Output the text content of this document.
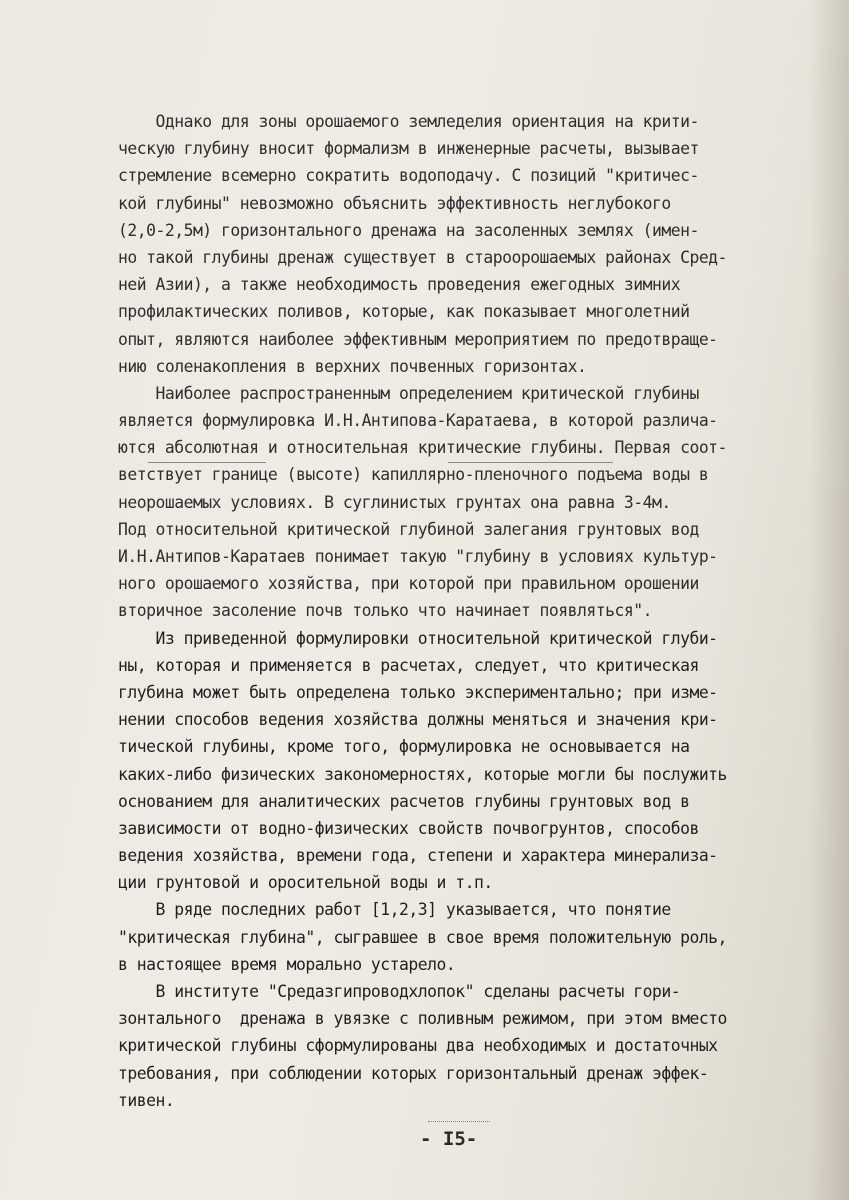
Однако для зоны орошаемого земледелия ориентация на крити-
ческую глубину вносит формализм в инженерные расчеты, вызывает
стремление всемерно сократить водоподачу. С позиций "критичес-
кой глубины" невозможно объяснить эффективность неглубокого
(2,0-2,5м) горизонтального дренажа на засоленных землях (имен-
но такой глубины дренаж существует в староорошаемых районах Сред-
ней Азии), а также необходимость проведения ежегодных зимних
профилактических поливов, которые, как показывает многолетний
опыт, являются наиболее эффективным мероприятием по предотвраще-
нию соленакопления в верхних почвенных горизонтах.
Наиболее распространенным определением критической глубины
является формулировка И.Н.Антипова-Каратаева, в которой различа-
ются абсолютная и относительная критические глубины. Первая соот-
ветствует границе (высоте) капиллярно-пленочного подъема воды в
неорошаемых условиях. В суглинистых грунтах она равна 3-4м.
Под относительной критической глубиной залегания грунтовых вод
И.Н.Антипов-Каратаев понимает такую "глубину в условиях культур-
ного орошаемого хозяйства, при которой при правильном орошении
вторичное засоление почв только что начинает появляться".
Из приведенной формулировки относительной критической глуби-
ны, которая и применяется в расчетах, следует, что критическая
глубина может быть определена только экспериментально; при изме-
нении способов ведения хозяйства должны меняться и значения кри-
тической глубины, кроме того, формулировка не основывается на
каких-либо физических закономерностях, которые могли бы послужить
основанием для аналитических расчетов глубины грунтовых вод в
зависимости от водно-физических свойств почвогрунтов, способов
ведения хозяйства, времени года, степени и характера минерализа-
ции грунтовой и оросительной воды и т.п.
В ряде последних работ [1,2,3] указывается, что понятие
"критическая глубина", сыгравшее в свое время положительную роль,
в настоящее время морально устарело.
В институте "Средазгипроводхлопок" сделаны расчеты гори-
зонтального  дренажа в увязке с поливным режимом, при этом вместо
критической глубины сформулированы два необходимых и достаточных
требования, при соблюдении которых горизонтальный дренаж эффек-
тивен.
- I5-
